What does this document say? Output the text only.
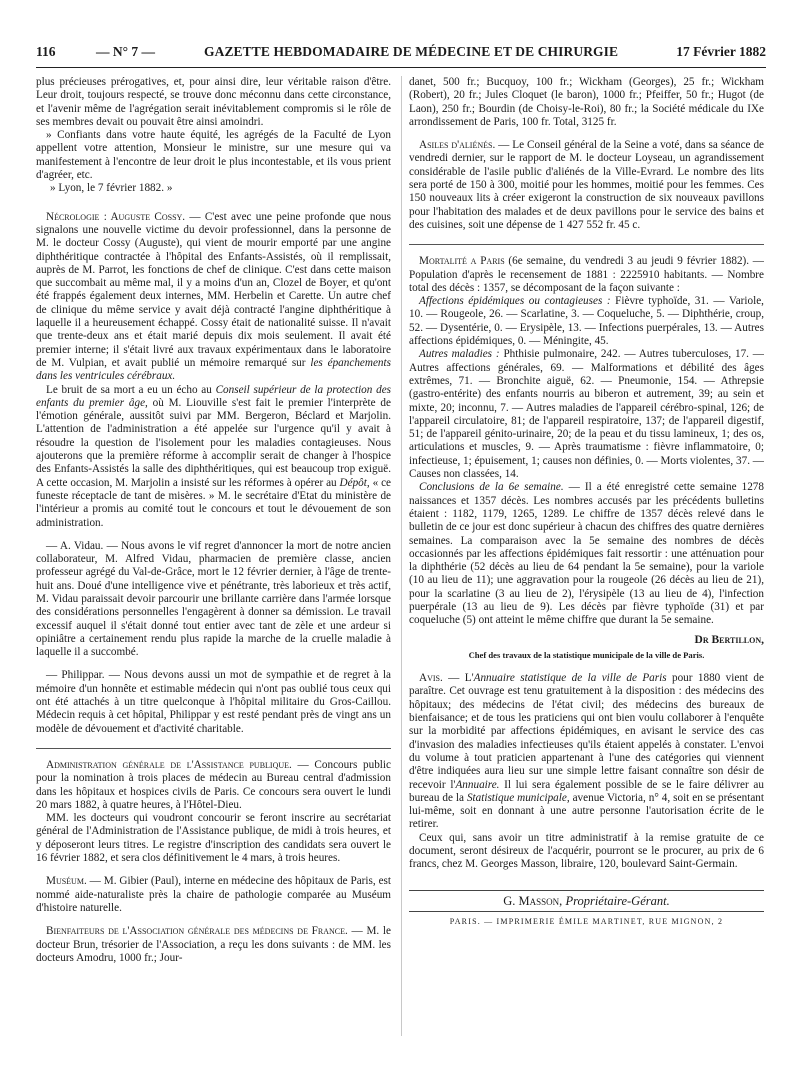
116	— N° 7 —	GAZETTE HEBDOMADAIRE DE MÉDECINE ET DE CHIRURGIE	17 Février 1882

plus précieuses prérogatives, et, pour ainsi dire, leur véritable raison d'être. Leur droit, toujours respecté, se trouve donc méconnu dans cette circonstance, et l'avenir même de l'agrégation serait inévitablement compromis si le rôle de ses membres devait ou pouvait être ainsi amoindri.

» Confiants dans votre haute équité, les agrégés de la Faculté de Lyon appellent votre attention, Monsieur le ministre, sur une mesure qui va manifestement à l'encontre de leur droit le plus incontestable, et ils vous prient d'agréer, etc.

» Lyon, le 7 février 1882. »

Nécrologie : Auguste Cossy. — C'est avec une peine profonde que nous signalons une nouvelle victime du devoir professionnel, dans la personne de M. le docteur Cossy (Auguste), qui vient de mourir emporté par une angine diphthéritique contractée à l'hôpital des Enfants-Assistés, où il remplissait, auprès de M. Parrot, les fonctions de chef de clinique. C'est dans cette maison que succombait au même mal, il y a moins d'un an, Clozel de Boyer, et qu'ont été frappés également deux internes, MM. Herbelin et Carette. Un autre chef de clinique du même service y avait déjà contracté l'angine diphthéritique à laquelle il a heureusement échappé. Cossy était de nationalité suisse. Il n'avait que trente-deux ans et était marié depuis dix mois seulement. Il avait été premier interne; il s'était livré aux travaux expérimentaux dans le laboratoire de M. Vulpian, et avait publié un mémoire remarqué sur les épanchements dans les ventricules cérébraux.

Le bruit de sa mort a eu un écho au Conseil supérieur de la protection des enfants du premier âge, où M. Liouville s'est fait le premier l'interprète de l'émotion générale, aussitôt suivi par MM. Bergeron, Béclard et Marjolin. L'attention de l'administration a été appelée sur l'urgence qu'il y avait à résoudre la question de l'isolement pour les maladies contagieuses. Nous ajouterons que la première réforme à accomplir serait de changer à l'hospice des Enfants-Assistés la salle des diphthéritiques, qui est beaucoup trop exiguë. A cette occasion, M. Marjolin a insisté sur les réformes à opérer au Dépôt, « ce funeste réceptacle de tant de misères. » M. le secrétaire d'Etat du ministère de l'intérieur a promis au comité tout le concours et tout le dévouement de son administration.

— A. Vidau. — Nous avons le vif regret d'annoncer la mort de notre ancien collaborateur, M. Alfred Vidau, pharmacien de première classe, ancien professeur agrégé du Val-de-Grâce, mort le 12 février dernier, à l'âge de trente-huit ans. Doué d'une intelligence vive et pénétrante, très laborieux et très actif, M. Vidau paraissait devoir parcourir une brillante carrière dans l'armée lorsque des considérations personnelles l'engagèrent à donner sa démission. Le travail excessif auquel il s'était donné tout entier avec tant de zèle et une ardeur si opiniâtre a certainement rendu plus rapide la marche de la cruelle maladie à laquelle il a succombé.

— Philippar. — Nous devons aussi un mot de sympathie et de regret à la mémoire d'un honnête et estimable médecin qui n'ont pas oublié tous ceux qui ont été attachés à un titre quelconque à l'hôpital militaire du Gros-Caillou. Médecin requis à cet hôpital, Philippar y est resté pendant près de vingt ans un modèle de dévouement et d'activité charitable.

Administration générale de l'Assistance publique. — Concours public pour la nomination à trois places de médecin au Bureau central d'admission dans les hôpitaux et hospices civils de Paris. Ce concours sera ouvert le lundi 20 mars 1882, à quatre heures, à l'Hôtel-Dieu.

MM. les docteurs qui voudront concourir se feront inscrire au secrétariat général de l'Administration de l'Assistance publique, de midi à trois heures, et y déposeront leurs titres. Le registre d'inscription des candidats sera ouvert le 16 février 1882, et sera clos définitivement le 4 mars, à trois heures.

Muséum. — M. Gibier (Paul), interne en médecine des hôpitaux de Paris, est nommé aide-naturaliste près la chaire de pathologie comparée au Muséum d'histoire naturelle.

Bienfaiteurs de l'Association générale des médecins de France. — M. le docteur Brun, trésorier de l'Association, a reçu les dons suivants : de MM. les docteurs Amodru, 1000 fr.; Jour-

danet, 500 fr.; Bucquoy, 100 fr.; Wickham (Georges), 25 fr.; Wickham (Robert), 20 fr.; Jules Cloquet (le baron), 1000 fr.; Pfeiffer, 50 fr.; Hugot (de Laon), 250 fr.; Bourdin (de Choisy-le-Roi), 80 fr.; la Société médicale du IXe arrondissement de Paris, 100 fr. Total, 3125 fr.

Asiles d'aliénés. — Le Conseil général de la Seine a voté, dans sa séance de vendredi dernier, sur le rapport de M. le docteur Loyseau, un agrandissement considérable de l'asile public d'aliénés de la Ville-Evrard. Le nombre des lits sera porté de 150 à 300, moitié pour les hommes, moitié pour les femmes. Ces 150 nouveaux lits à créer exigeront la construction de six nouveaux pavillons pour l'habitation des malades et de deux pavillons pour le service des bains et des cuisines, soit une dépense de 1 427 552 fr. 45 c.

Mortalité a Paris (6e semaine, du vendredi 3 au jeudi 9 février 1882). — Population d'après le recensement de 1881 : 2225910 habitants. — Nombre total des décès : 1357, se décomposant de la façon suivante :

Affections épidémiques ou contagieuses : Fièvre typhoïde, 31. — Variole, 10. — Rougeole, 26. — Scarlatine, 3. — Coqueluche, 5. — Diphthérie, croup, 52. — Dysentérie, 0. — Erysipèle, 13. — Infections puerpérales, 13. — Autres affections épidémiques, 0. — Méningite, 45.

Autres maladies : Phthisie pulmonaire, 242. — Autres tuberculoses, 17. — Autres affections générales, 69. — Malformations et débilité des âges extrêmes, 71. — Bronchite aiguë, 62. — Pneumonie, 154. — Athrepsie (gastro-entérite) des enfants nourris au biberon et autrement, 39; au sein et mixte, 20; inconnu, 7. — Autres maladies de l'appareil cérébro-spinal, 126; de l'appareil circulatoire, 81; de l'appareil respiratoire, 137; de l'appareil digestif, 51; de l'appareil génito-urinaire, 20; de la peau et du tissu lamineux, 1; des os, articulations et muscles, 9. — Après traumatisme : fièvre inflammatoire, 0; infectieuse, 1; épuisement, 1; causes non définies, 0. — Morts violentes, 37. — Causes non classées, 14.

Conclusions de la 6e semaine. — Il a été enregistré cette semaine 1278 naissances et 1357 décès. Les nombres accusés par les précédents bulletins étaient : 1182, 1179, 1265, 1289. Le chiffre de 1357 décès relevé dans le bulletin de ce jour est donc supérieur à chacun des chiffres des quatre dernières semaines. La comparaison avec la 5e semaine des nombres de décès occasionnés par les affections épidémiques fait ressortir : une atténuation pour la diphthérie (52 décès au lieu de 64 pendant la 5e semaine), pour la variole (10 au lieu de 11); une aggravation pour la rougeole (26 décès au lieu de 21), pour la scarlatine (3 au lieu de 2), l'érysipèle (13 au lieu de 4), l'infection puerpérale (13 au lieu de 9). Les décès par fièvre typhoïde (31) et par coqueluche (5) ont atteint le même chiffre que durant la 5e semaine.

Dr Bertillon,
Chef des travaux de la statistique municipale de la ville de Paris.

Avis. — L'Annuaire statistique de la ville de Paris pour 1880 vient de paraître. Cet ouvrage est tenu gratuitement à la disposition : des médecins des hôpitaux; des médecins de l'état civil; des médecins des bureaux de bienfaisance; et de tous les praticiens qui ont bien voulu collaborer à l'enquête sur la morbidité par affections épidémiques, en avisant le service des cas d'invasion des maladies infectieuses qu'ils étaient appelés à constater. L'envoi du volume à tout praticien appartenant à l'une des catégories qui viennent d'être indiquées aura lieu sur une simple lettre faisant connaître son désir de recevoir l'Annuaire. Il lui sera également possible de se le faire délivrer au bureau de la Statistique municipale, avenue Victoria, n° 4, soit en se présentant lui-même, soit en donnant à une autre personne l'autorisation écrite de le retirer.

Ceux qui, sans avoir un titre administratif à la remise gratuite de ce document, seront désireux de l'acquérir, pourront se le procurer, au prix de 6 francs, chez M. Georges Masson, libraire, 120, boulevard Saint-Germain.

G. Masson, Propriétaire-Gérant.
PARIS. — IMPRIMERIE ÉMILE MARTINET, RUE MIGNON, 2
